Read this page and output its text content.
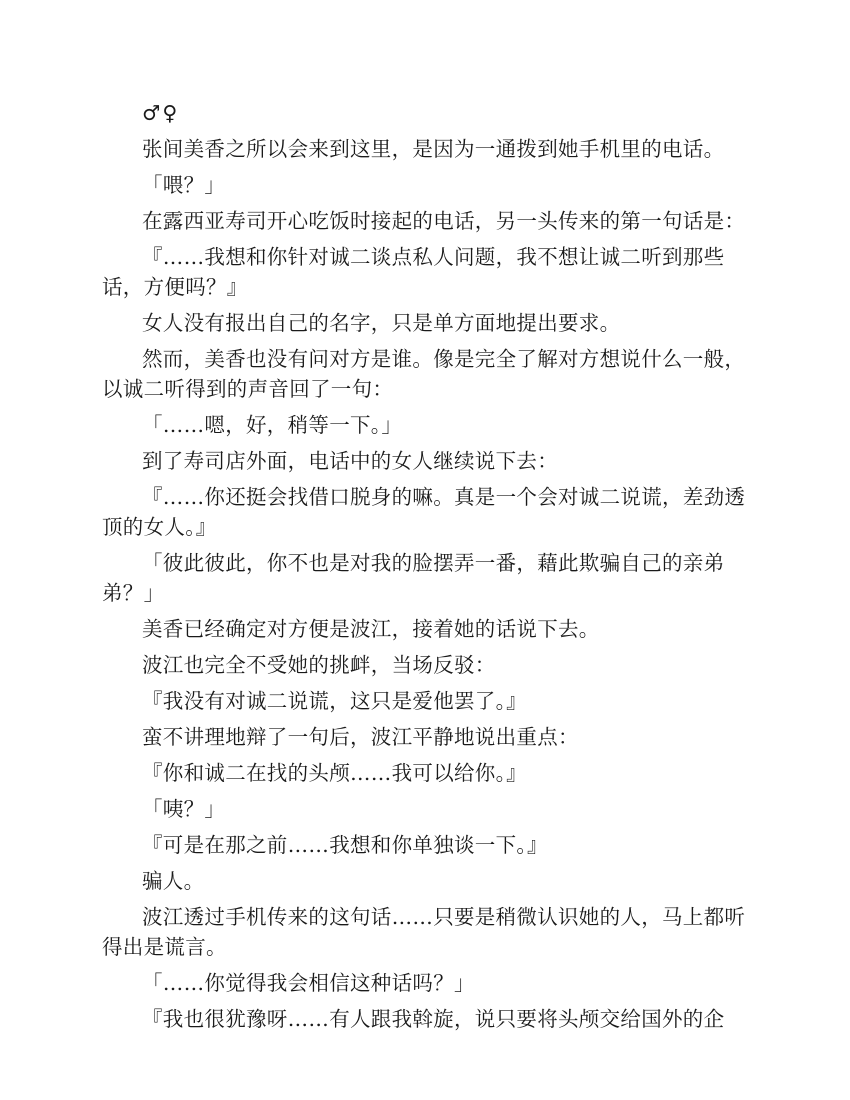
♂♀

张间美香之所以会来到这里，是因为一通拨到她手机里的电话。

「喂？」

在露西亚寿司开心吃饭时接起的电话，另一头传来的第一句话是：

『……我想和你针对诚二谈点私人问题，我不想让诚二听到那些话，方便吗？』

女人没有报出自己的名字，只是单方面地提出要求。

然而，美香也没有问对方是谁。像是完全了解对方想说什么一般，以诚二听得到的声音回了一句：

「……嗯，好，稍等一下。」

到了寿司店外面，电话中的女人继续说下去：

『……你还挺会找借口脱身的嘛。真是一个会对诚二说谎，差劲透顶的女人。』

「彼此彼此，你不也是对我的脸摆弄一番，藉此欺骗自己的亲弟弟？」

美香已经确定对方便是波江，接着她的话说下去。

波江也完全不受她的挑衅，当场反驳：

『我没有对诚二说谎，这只是爱他罢了。』

蛮不讲理地辩了一句后，波江平静地说出重点：

『你和诚二在找的头颅……我可以给你。』

「咦？」

『可是在那之前……我想和你单独谈一下。』

骗人。

波江透过手机传来的这句话……只要是稍微认识她的人，马上都听得出是谎言。

「……你觉得我会相信这种话吗？」

『我也很犹豫呀……有人跟我斡旋，说只要将头颅交给国外的企
